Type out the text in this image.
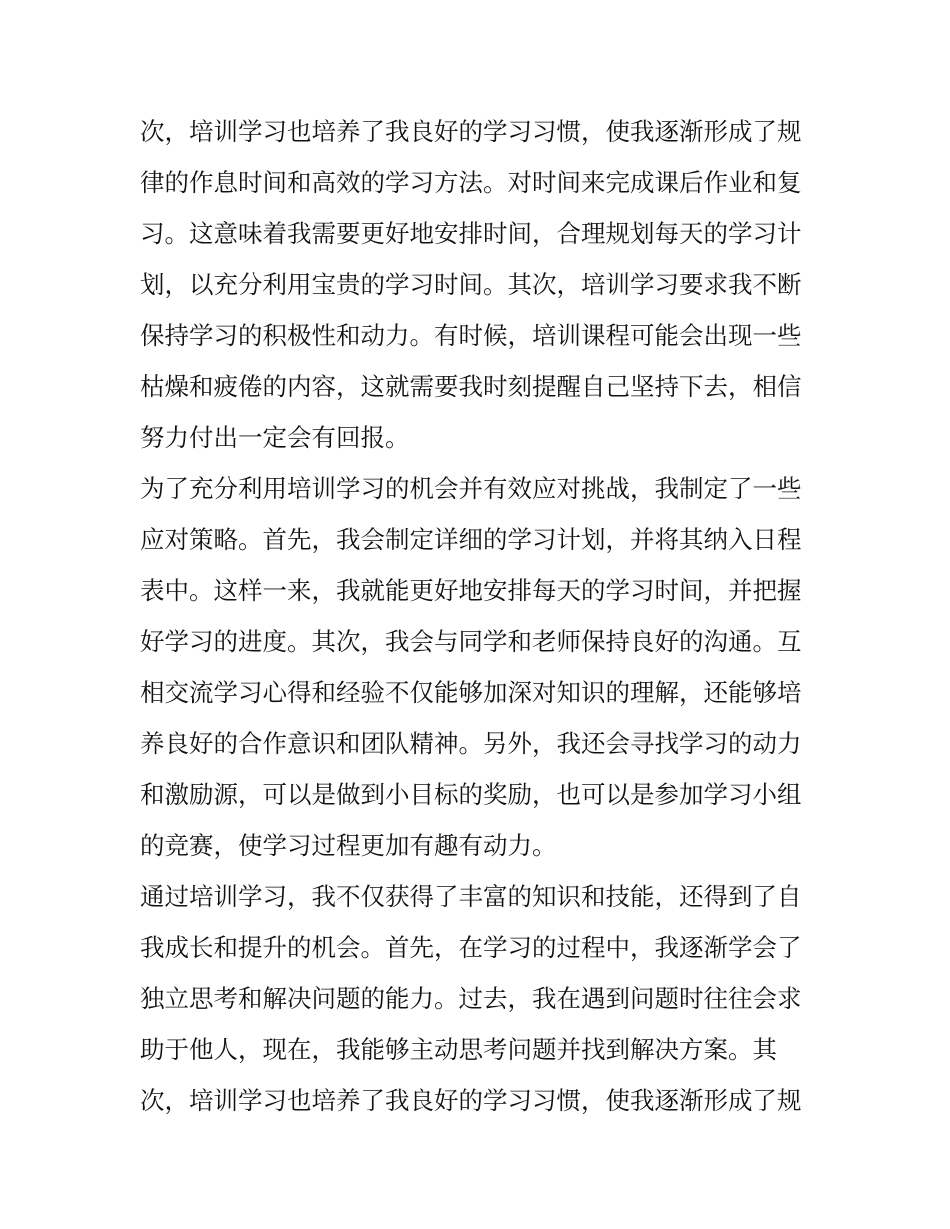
次，培训学习也培养了我良好的学习习惯，使我逐渐形成了规
律的作息时间和高效的学习方法。对时间来完成课后作业和复
习。这意味着我需要更好地安排时间，合理规划每天的学习计
划，以充分利用宝贵的学习时间。其次，培训学习要求我不断
保持学习的积极性和动力。有时候，培训课程可能会出现一些
枯燥和疲倦的内容，这就需要我时刻提醒自己坚持下去，相信
努力付出一定会有回报。
为了充分利用培训学习的机会并有效应对挑战，我制定了一些
应对策略。首先，我会制定详细的学习计划，并将其纳入日程
表中。这样一来，我就能更好地安排每天的学习时间，并把握
好学习的进度。其次，我会与同学和老师保持良好的沟通。互
相交流学习心得和经验不仅能够加深对知识的理解，还能够培
养良好的合作意识和团队精神。另外，我还会寻找学习的动力
和激励源，可以是做到小目标的奖励，也可以是参加学习小组
的竞赛，使学习过程更加有趣有动力。
通过培训学习，我不仅获得了丰富的知识和技能，还得到了自
我成长和提升的机会。首先，在学习的过程中，我逐渐学会了
独立思考和解决问题的能力。过去，我在遇到问题时往往会求
助于他人，现在，我能够主动思考问题并找到解决方案。其
次，培训学习也培养了我良好的学习习惯，使我逐渐形成了规
